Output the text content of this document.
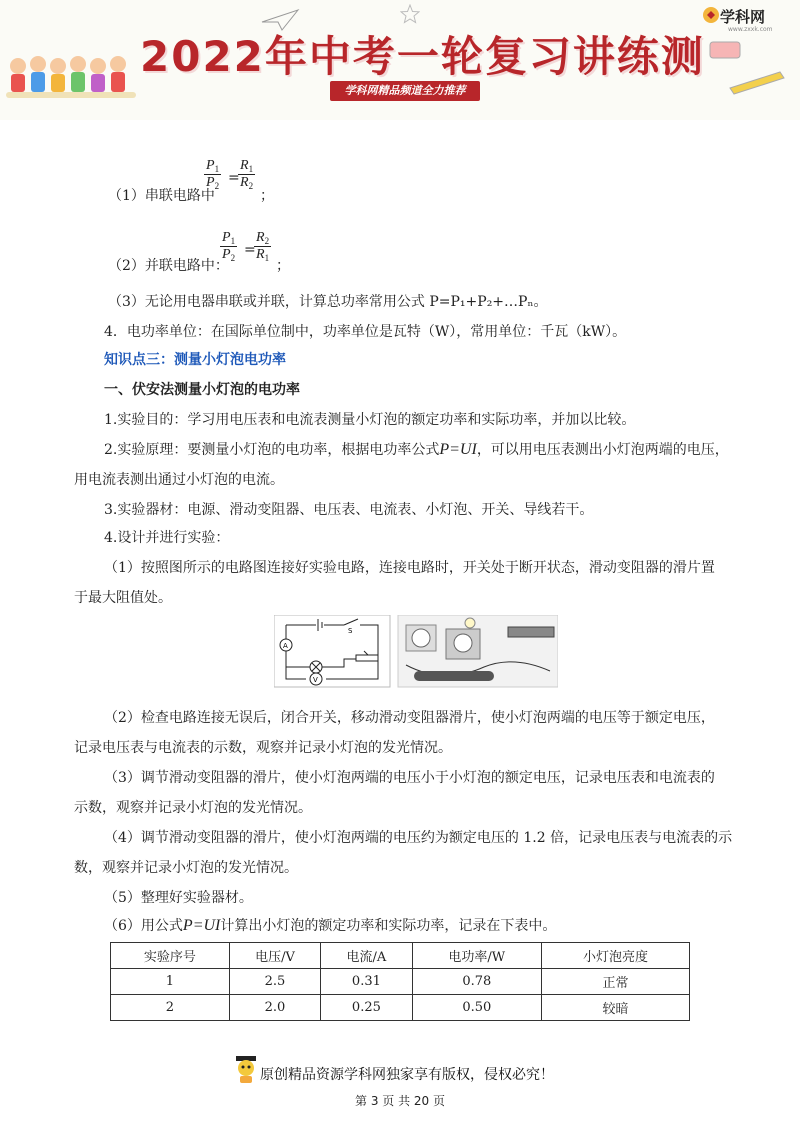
2022年中考一轮复习讲练测
学科网精品频道全力推荐
学科网
www.zxxk.com
（1）串联电路中
$\frac{P_1}{P_2}$ =
$\frac{R_1}{R_2}$
；
（2）并联电路中：
$\frac{P_1}{P_2}$ =
$\frac{R_2}{R_1}$
；
（3）无论用电器串联或并联，计算总功率常用公式 P=P₁+P₂+…Pₙ。
4．电功率单位：在国际单位制中，功率单位是瓦特（W），常用单位：千瓦（kW）。
知识点三：测量小灯泡电功率
一、伏安法测量小灯泡的电功率
1.实验目的：学习用电压表和电流表测量小灯泡的额定功率和实际功率，并加以比较。
2.实验原理：要测量小灯泡的电功率，根据电功率公式P=UI，可以用电压表测出小灯泡两端的电压，
用电流表测出通过小灯泡的电流。
3.实验器材：电源、滑动变阻器、电压表、电流表、小灯泡、开关、导线若干。
4.设计并进行实验：
（1）按照图所示的电路图连接好实验电路，连接电路时，开关处于断开状态，滑动变阻器的滑片置
于最大阻值处。
A
V
S
（2）检查电路连接无误后，闭合开关，移动滑动变阻器滑片，使小灯泡两端的电压等于额定电压，
记录电压表与电流表的示数，观察并记录小灯泡的发光情况。
（3）调节滑动变阻器的滑片，使小灯泡两端的电压小于小灯泡的额定电压，记录电压表和电流表的
示数，观察并记录小灯泡的发光情况。
（4）调节滑动变阻器的滑片，使小灯泡两端的电压约为额定电压的 1.2 倍，记录电压表与电流表的示
数，观察并记录小灯泡的发光情况。
（5）整理好实验器材。
（6）用公式P=UI计算出小灯泡的额定功率和实际功率，记录在下表中。
实验序号	电压/V	电流/A	电功率/W	小灯泡亮度
1	2.5	0.31	0.78	正常
2	2.0	0.25	0.50	较暗
原创精品资源学科网独家享有版权，侵权必究！
第 3 页 共 20 页
